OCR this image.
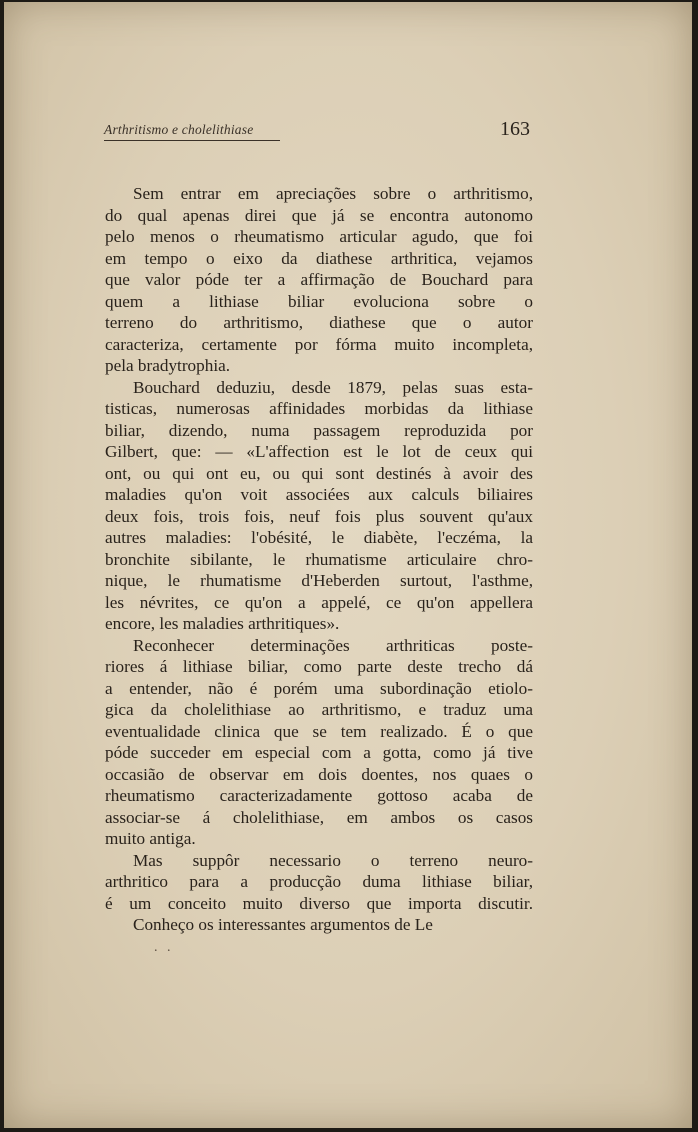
Arthritismo e cholelithiase	163
Sem entrar em apreciações sobre o arthritismo,
do qual apenas direi que já se encontra autonomo
pelo menos o rheumatismo articular agudo, que foi
em tempo o eixo da diathese arthritica, vejamos
que valor póde ter a affirmação de Bouchard para
quem a lithiase biliar evoluciona sobre o
terreno do arthritismo, diathese que o autor
caracteriza, certamente por fórma muito incompleta,
pela bradytrophia.
Bouchard deduziu, desde 1879, pelas suas esta-
tisticas, numerosas affinidades morbidas da lithiase
biliar, dizendo, numa passagem reproduzida por
Gilbert, que: — «L'affection est le lot de ceux qui
ont, ou qui ont eu, ou qui sont destinés à avoir des
maladies qu'on voit associées aux calculs biliaires
deux fois, trois fois, neuf fois plus souvent qu'aux
autres maladies: l'obésité, le diabète, l'eczéma, la
bronchite sibilante, le rhumatisme articulaire chro-
nique, le rhumatisme d'Heberden surtout, l'asthme,
les névrites, ce qu'on a appelé, ce qu'on appellera
encore, les maladies arthritiques».
Reconhecer determinações arthriticas poste-
riores á lithiase biliar, como parte deste trecho dá
a entender, não é porém uma subordinação etiolo-
gica da cholelithiase ao arthritismo, e traduz uma
eventualidade clinica que se tem realizado. É o que
póde succeder em especial com a gotta, como já tive
occasião de observar em dois doentes, nos quaes o
rheumatismo caracterizadamente gottoso acaba de
associar-se á cholelithiase, em ambos os casos
muito antiga.
Mas suppôr necessario o terreno neuro-
arthritico para a producção duma lithiase biliar,
é um conceito muito diverso que importa discutir.
Conheço os interessantes argumentos de Le
. .
